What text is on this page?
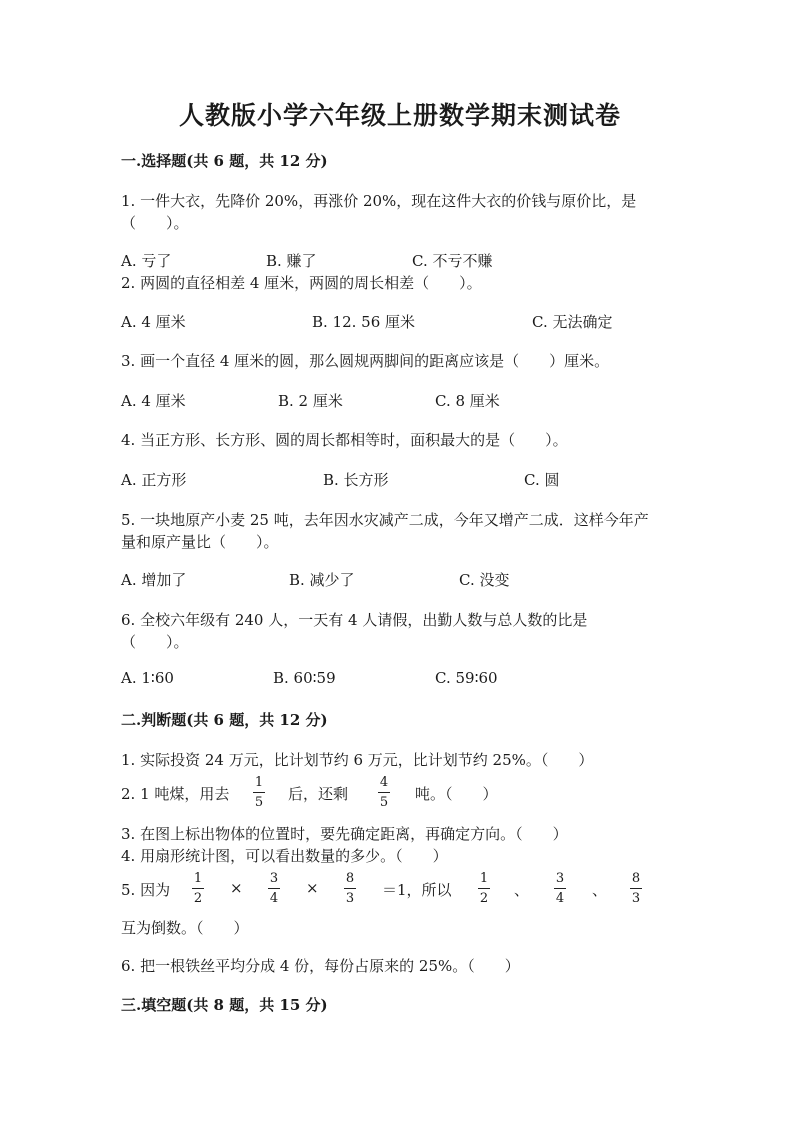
人教版小学六年级上册数学期末测试卷
一.选择题(共 6 题，共 12 分)
1. 一件大衣，先降价 20%，再涨价 20%，现在这件大衣的价钱与原价比，是
（　　）。
A. 亏了	B. 赚了	C. 不亏不赚
2. 两圆的直径相差 4 厘米，两圆的周长相差（　　）。
A. 4 厘米	B. 12. 56 厘米	C. 无法确定
3. 画一个直径 4 厘米的圆，那么圆规两脚间的距离应该是（　　）厘米。
A. 4 厘米	B. 2 厘米	C. 8 厘米
4. 当正方形、长方形、圆的周长都相等时，面积最大的是（　　）。
A. 正方形	B. 长方形	C. 圆
5. 一块地原产小麦 25 吨，去年因水灾减产二成，今年又增产二成．这样今年产
量和原产量比（　　）。
A. 增加了	B. 减少了	C. 没变
6. 全校六年级有 240 人，一天有 4 人请假，出勤人数与总人数的比是
（　　）。
A. 1∶60	B. 60∶59	C. 59∶60
二.判断题(共 6 题，共 12 分)
1. 实际投资 24 万元，比计划节约 6 万元，比计划节约 25%。（　　）
2. 1 吨煤，用去
1
5 后，还剩
4
5 吨。（　　）
3. 在图上标出物体的位置时，要先确定距离，再确定方向。（　　）
4. 用扇形统计图，可以看出数量的多少。（　　）
5. 因为
1
2
×
3
4
×
8
3 ＝1，所以
1
2 、
3
4 、
8
3
互为倒数。（　　）
6. 把一根铁丝平均分成 4 份，每份占原来的 25%。（　　）
三.填空题(共 8 题，共 15 分)
